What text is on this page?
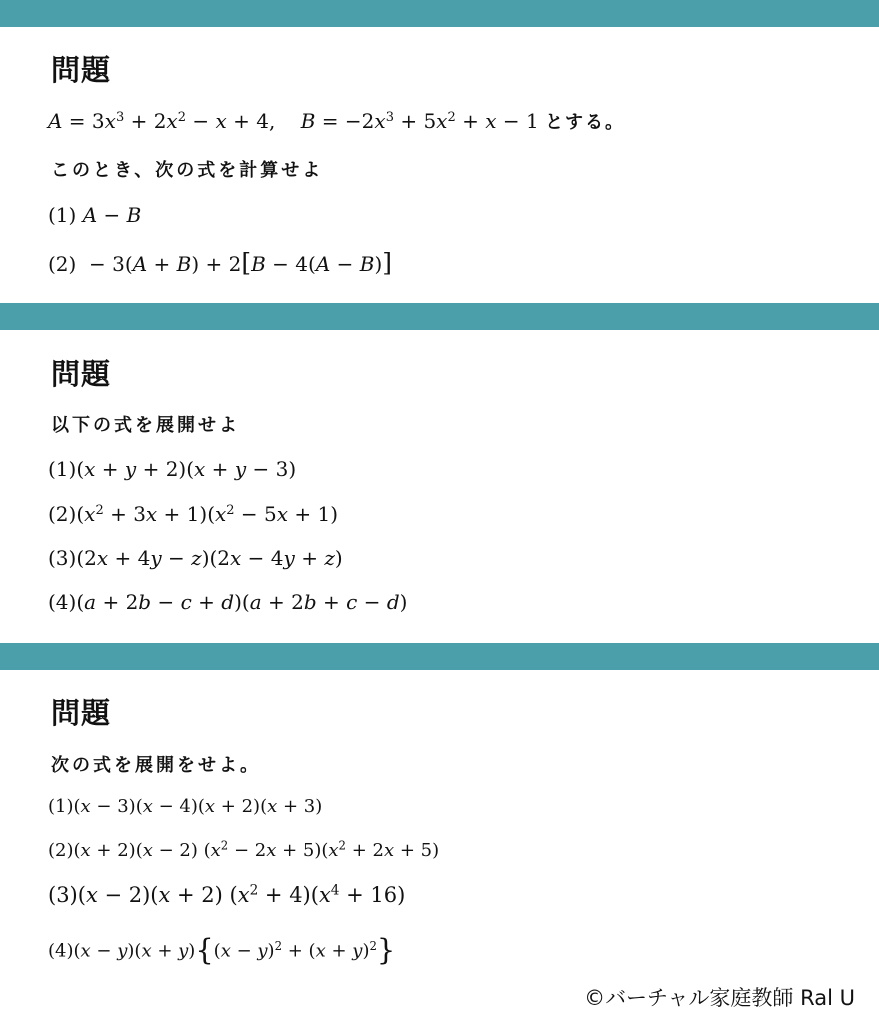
問題
$A = 3x^3 + 2x^2 - x + 4$,    $B = -2x^3 + 5x^2 + x - 1$ とする。
このとき、次の式を計算せよ
(1) A − B
(2)  − 3(A + B) + 2[B − 4(A − B)]
問題
以下の式を展開せよ
(1)(x + y + 2)(x + y − 3)
$(2)(x^2 + 3x + 1)(x^2 - 5x + 1)$
(3)(2x + 4y − z)(2x − 4y + z)
(4)(a + 2b − c + d)(a + 2b + c − d)
問題
次の式を展開をせよ。
(1)(x − 3)(x − 4)(x + 2)(x + 3)
(2)(x + 2)(x − 2) $(x^2 - 2x + 5)(x^2 + 2x + 5)$
(3)(x − 2)(x + 2) $(x^2 + 4)(x^4 + 16)$
$(4)(x - y)(x + y)\{(x - y)^2 + (x + y)^2\}$
©バーチャル家庭教師 Ral U
